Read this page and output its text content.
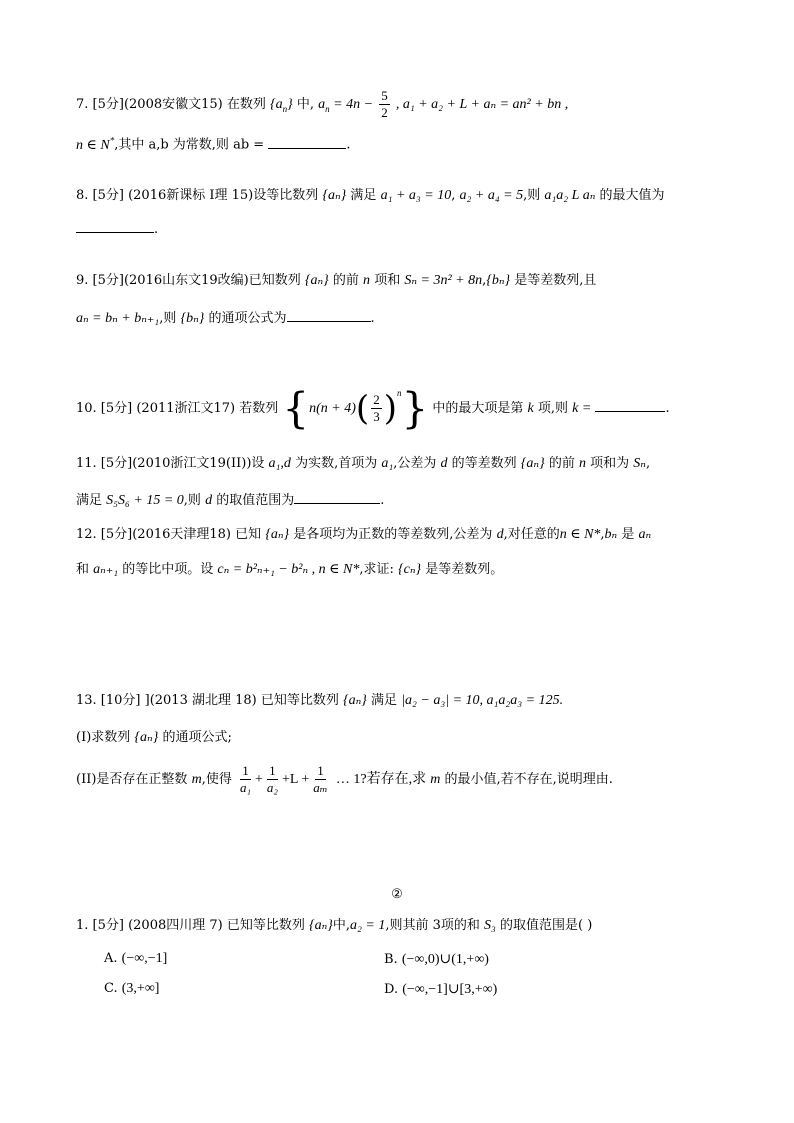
7. [5分](2008安徽文15) 在数列 $\{a_n\}$ 中, $a_n = 4n - \frac{5}{2}$ , a₁ + a₂ + L + aₙ = an² + bn ,
n ∈ N*,其中 a,b 为常数,则 ab =	.
8. [5分] (2016新课标 I理 15)设等比数列 {aₙ} 满足 a₁ + a₃ = 10, a₂ + a₄ = 5,则 a₁a₂ L aₙ 的最大值为
.
9. [5分](2016山东文19改编)已知数列 {aₙ} 的前 n 项和 Sₙ = 3n² + 8n,{bₙ} 是等差数列,且
aₙ = bₙ + bₙ₊₁,则 {bₙ} 的通项公式为	.
10. [5分] (2011浙江文17) 若数列 $\{n(n + 4)( \frac{2}{3} )^n\}$ 中的最大项是第 k 项,则 k =	.
11. [5分](2010浙江文19(II))设 a₁,d 为实数,首项为 a₁,公差为 d 的等差数列 {aₙ} 的前 n 项和为 Sₙ,
满足 S₅S₆ + 15 = 0,则 d 的取值范围为	.
12. [5分](2016天津理18) 已知 {aₙ} 是各项均为正数的等差数列,公差为 d,对任意的n ∈ N*,bₙ 是 aₙ
和 aₙ₊₁ 的等比中项。设 cₙ = b²ₙ₊₁ − b²ₙ , n ∈ N*,求证: {cₙ} 是等差数列。
13. [10分] ](2013 湖北理 18) 已知等比数列 {aₙ} 满足 |a₂ − a₃| = 10, a₁a₂a₃ = 125.
(I)求数列 {aₙ} 的通项公式;
(II)是否存在正整数 m,使得 $\frac{1}{\text{a₁}} + \frac{1}{\text{a₂}} +L + \frac{1}{\text{aₘ}}$ … 1?若存在,求 m 的最小值,若不存在,说明理由.
②
1. [5分] (2008四川理 7) 已知等比数列 {aₙ}中,a₂ = 1,则其前 3项的和 S₃ 的取值范围是( )
A. (−∞,−1]	B. (−∞,0)∪(1,+∞)
C. (3,+∞]	D. (−∞,−1]∪[3,+∞)
